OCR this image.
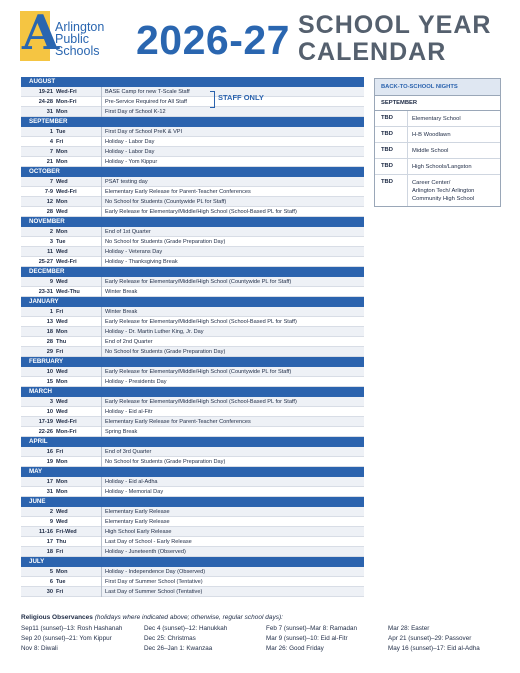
A
Arlington
Public
Schools 2026-27 SCHOOL YEAR
CALENDAR
AUGUST
19-21 Wed-Fri	BASE Camp for new T-Scale Staff
24-28 Mon-Fri	Pre-Service Required for All Staff
31 Mon	First Day of School K-12
SEPTEMBER
1 Tue	First Day of School PreK & VPI
4 Fri	Holiday - Labor Day
7 Mon	Holiday - Labor Day
21 Mon	Holiday - Yom Kippur
OCTOBER
7 Wed	PSAT testing day
7-9 Wed-Fri	Elementary Early Release for Parent-Teacher Conferences
12 Mon	No School for Students (Countywide PL for Staff)
28 Wed	Early Release for Elementary/Middle/High School (School-Based PL for Staff)
NOVEMBER
2 Mon	End of 1st Quarter
3 Tue	No School for Students (Grade Preparation Day)
11 Wed	Holiday - Veterans Day
25-27 Wed-Fri	Holiday - Thanksgiving Break
DECEMBER
9 Wed	Early Release for Elementary/Middle/High School (Countywide PL for Staff)
23-31 Wed-Thu	Winter Break
JANUARY
1 Fri	Winter Break
13 Wed	Early Release for Elementary/Middle/High School (School-Based PL for Staff)
18 Mon	Holiday - Dr. Martin Luther King, Jr. Day
28 Thu	End of 2nd Quarter
29 Fri	No School for Students (Grade Preparation Day)
FEBRUARY
10 Wed	Early Release for Elementary/Middle/High School (Countywide PL for Staff)
15 Mon	Holiday - Presidents Day
MARCH
3 Wed	Early Release for Elementary/Middle/High School (School-Based PL for Staff)
10 Wed	Holiday - Eid al-Fitr
17-19 Wed-Fri	Elementary Early Release for Parent-Teacher Conferences
22-26 Mon-Fri	Spring Break
APRIL
16 Fri	End of 3rd Quarter
19 Mon	No School for Students (Grade Preparation Day)
MAY
17 Mon	Holiday - Eid al-Adha
31 Mon	Holiday - Memorial Day
JUNE
2 Wed	Elementary Early Release
9 Wed	Elementary Early Release
11-16 Fri-Wed	High School Early Release
17 Thu	Last Day of School - Early Release
18 Fri	Holiday - Juneteenth (Observed)
JULY
5 Mon	Holiday - Independence Day (Observed)
6 Tue	First Day of Summer School (Tentative)
30 Fri	Last Day of Summer School (Tentative)
STAFF ONLY
BACK-TO-SCHOOL NIGHTS
SEPTEMBER
TBD	Elementary School
TBD	H-B Woodlawn
TBD	Middle School
TBD	High Schools/Langston
TBD	Career Center/
Arlington Tech/ Arlington
Community High School
Religious Observances (holidays where indicated above; otherwise, regular school days):
Sep11 (sunset)–13: Rosh Hashanah
Sep 20 (sunset)–21: Yom Kippur
Nov 8: Diwali
Dec 4 (sunset)–12: Hanukkah
Dec 25: Christmas
Dec 26–Jan 1: Kwanzaa
Feb 7 (sunset)–Mar 8: Ramadan
Mar 9 (sunset)–10: Eid al-Fitr
Mar 26: Good Friday
Mar 28: Easter
Apr 21 (sunset)–29: Passover
May 16 (sunset)–17: Eid al-Adha
